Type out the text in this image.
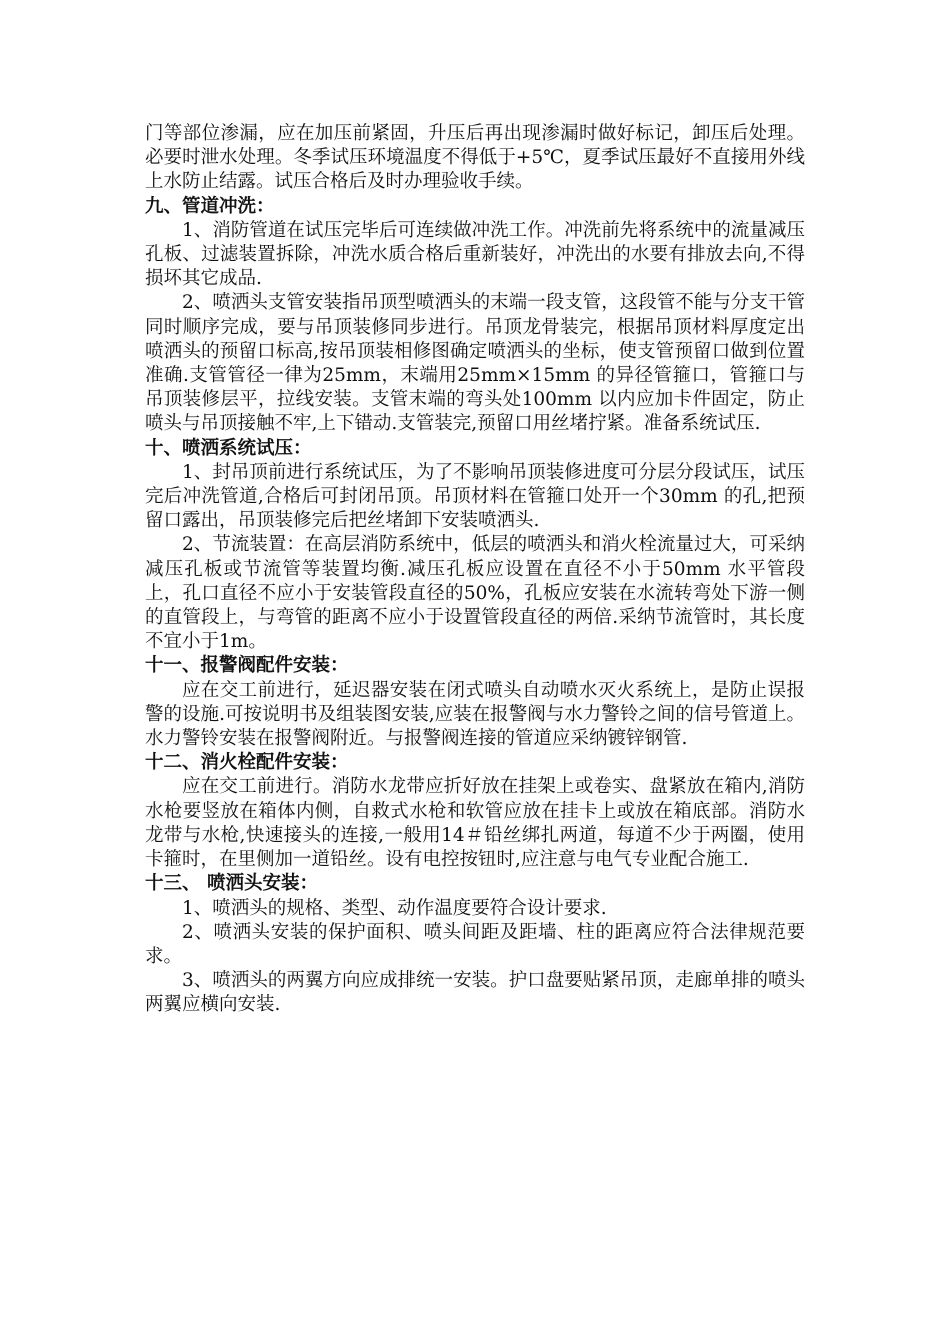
门等部位渗漏，应在加压前紧固，升压后再出现渗漏时做好标记，卸压后处理。必要时泄水处理。冬季试压环境温度不得低于+5℃，夏季试压最好不直接用外线上水防止结露。试压合格后及时办理验收手续。

九、管道冲洗：

1、消防管道在试压完毕后可连续做冲洗工作。冲洗前先将系统中的流量减压孔板、过滤装置拆除，冲洗水质合格后重新装好，冲洗出的水要有排放去向,不得损坏其它成品.

2、喷洒头支管安装指吊顶型喷洒头的末端一段支管，这段管不能与分支干管同时顺序完成，要与吊顶装修同步进行。吊顶龙骨装完，根据吊顶材料厚度定出喷洒头的预留口标高,按吊顶装相修图确定喷洒头的坐标，使支管预留口做到位置准确.支管管径一律为25mm，末端用25mm×15mm 的异径管箍口，管箍口与吊顶装修层平，拉线安装。支管末端的弯头处100mm 以内应加卡件固定，防止喷头与吊顶接触不牢,上下错动.支管装完,预留口用丝堵拧紧。准备系统试压.

十、喷洒系统试压：

1、封吊顶前进行系统试压，为了不影响吊顶装修进度可分层分段试压，试压完后冲洗管道,合格后可封闭吊顶。吊顶材料在管箍口处开一个30mm 的孔,把预留口露出，吊顶装修完后把丝堵卸下安装喷洒头.

2、节流装置：在高层消防系统中，低层的喷洒头和消火栓流量过大，可采纳减压孔板或节流管等装置均衡.减压孔板应设置在直径不小于50mm 水平管段上，孔口直径不应小于安装管段直径的50%，孔板应安装在水流转弯处下游一侧的直管段上，与弯管的距离不应小于设置管段直径的两倍.采纳节流管时，其长度不宜小于1m。

十一、报警阀配件安装：

应在交工前进行，延迟器安装在闭式喷头自动喷水灭火系统上，是防止误报警的设施.可按说明书及组装图安装,应装在报警阀与水力警铃之间的信号管道上。水力警铃安装在报警阀附近。与报警阀连接的管道应采纳镀锌钢管.

十二、消火栓配件安装：

应在交工前进行。消防水龙带应折好放在挂架上或卷实、盘紧放在箱内,消防水枪要竖放在箱体内侧，自救式水枪和软管应放在挂卡上或放在箱底部。消防水龙带与水枪,快速接头的连接,一般用14＃铅丝绑扎两道，每道不少于两圈，使用卡箍时，在里侧加一道铅丝。设有电控按钮时,应注意与电气专业配合施工.

十三、 喷洒头安装：

1、喷洒头的规格、类型、动作温度要符合设计要求.

2、喷洒头安装的保护面积、喷头间距及距墙、柱的距离应符合法律规范要求。

3、喷洒头的两翼方向应成排统一安装。护口盘要贴紧吊顶，走廊单排的喷头两翼应横向安装.
